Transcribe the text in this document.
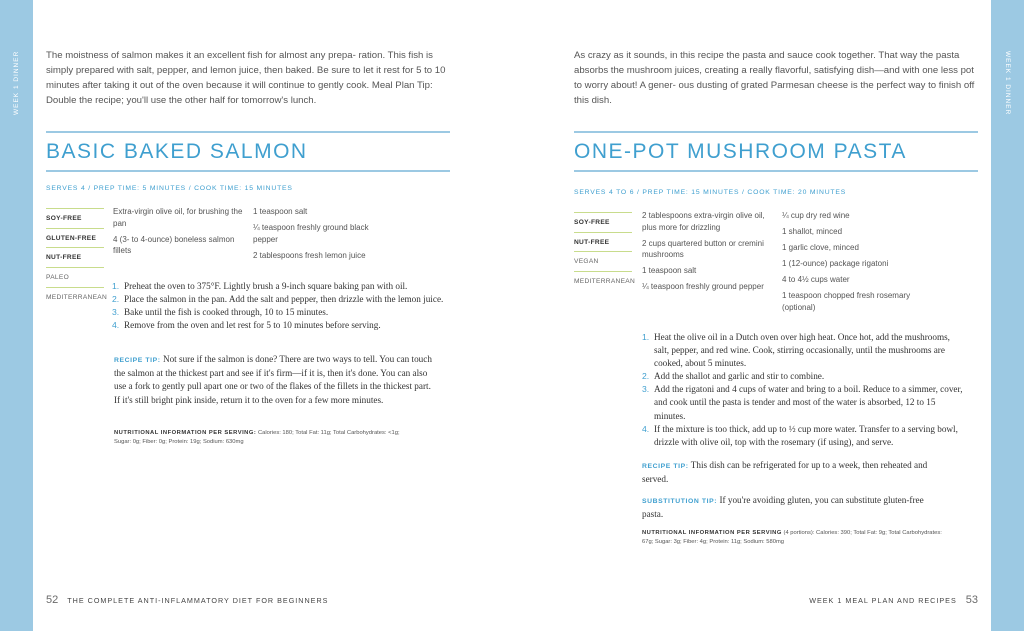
WEEK 1 DINNER	WEEK 1 DINNER

The moistness of salmon makes it an excellent fish for almost any prepa- ration. This fish is simply prepared with salt, pepper, and lemon juice, then baked. Be sure to let it rest for 5 to 10 minutes after taking it out of the oven because it will continue to gently cook. Meal Plan Tip: Double the recipe; you'll use the other half for tomorrow's lunch.

BASIC BAKED SALMON
SERVES 4 / PREP TIME: 5 MINUTES / COOK TIME: 15 MINUTES
SOY-FREE
GLUTEN-FREE
NUT-FREE
PALEO
MEDITERRANEAN
Extra-virgin olive oil, for brushing the pan
4 (3- to 4-ounce) boneless salmon fillets
1 teaspoon salt
¼ teaspoon freshly ground black pepper
2 tablespoons fresh lemon juice
1. Preheat the oven to 375°F. Lightly brush a 9-inch square baking pan with oil.
2. Place the salmon in the pan. Add the salt and pepper, then drizzle with the lemon juice.
3. Bake until the fish is cooked through, 10 to 15 minutes.
4. Remove from the oven and let rest for 5 to 10 minutes before serving.

RECIPE TIP: Not sure if the salmon is done? There are two ways to tell. You can touch the salmon at the thickest part and see if it's firm—if it is, then it's done. You can also use a fork to gently pull apart one or two of the flakes of the fillets in the thickest part. If it's still bright pink inside, return it to the oven for a few more minutes.

NUTRITIONAL INFORMATION PER SERVING: Calories: 180; Total Fat: 11g; Total Carbohydrates: <1g; Sugar: 0g; Fiber: 0g; Protein: 19g; Sodium: 630mg

52 THE COMPLETE ANTI-INFLAMMATORY DIET FOR BEGINNERS

As crazy as it sounds, in this recipe the pasta and sauce cook together. That way the pasta absorbs the mushroom juices, creating a really flavorful, satisfying dish—and with one less pot to worry about! A gener- ous dusting of grated Parmesan cheese is the perfect way to finish off this dish.

ONE-POT MUSHROOM PASTA
SERVES 4 TO 6 / PREP TIME: 15 MINUTES / COOK TIME: 20 MINUTES
SOY-FREE
NUT-FREE
VEGAN
MEDITERRANEAN
2 tablespoons extra-virgin olive oil, plus more for drizzling
2 cups quartered button or cremini mushrooms
1 teaspoon salt
¼ teaspoon freshly ground pepper
¼ cup dry red wine
1 shallot, minced
1 garlic clove, minced
1 (12-ounce) package rigatoni
4 to 4½ cups water
1 teaspoon chopped fresh rosemary (optional)
1. Heat the olive oil in a Dutch oven over high heat. Once hot, add the mushrooms, salt, pepper, and red wine. Cook, stirring occasionally, until the mushrooms are cooked, about 5 minutes.
2. Add the shallot and garlic and stir to combine.
3. Add the rigatoni and 4 cups of water and bring to a boil. Reduce to a simmer, cover, and cook until the pasta is tender and most of the water is absorbed, 12 to 15 minutes.
4. If the mixture is too thick, add up to ½ cup more water. Transfer to a serving bowl, drizzle with olive oil, top with the rosemary (if using), and serve.

RECIPE TIP: This dish can be refrigerated for up to a week, then reheated and served.

SUBSTITUTION TIP: If you're avoiding gluten, you can substitute gluten-free pasta.

NUTRITIONAL INFORMATION PER SERVING (4 portions): Calories: 390; Total Fat: 9g; Total Carbohydrates: 67g; Sugar: 3g; Fiber: 4g; Protein: 11g; Sodium: 580mg

WEEK 1 MEAL PLAN AND RECIPES 53
